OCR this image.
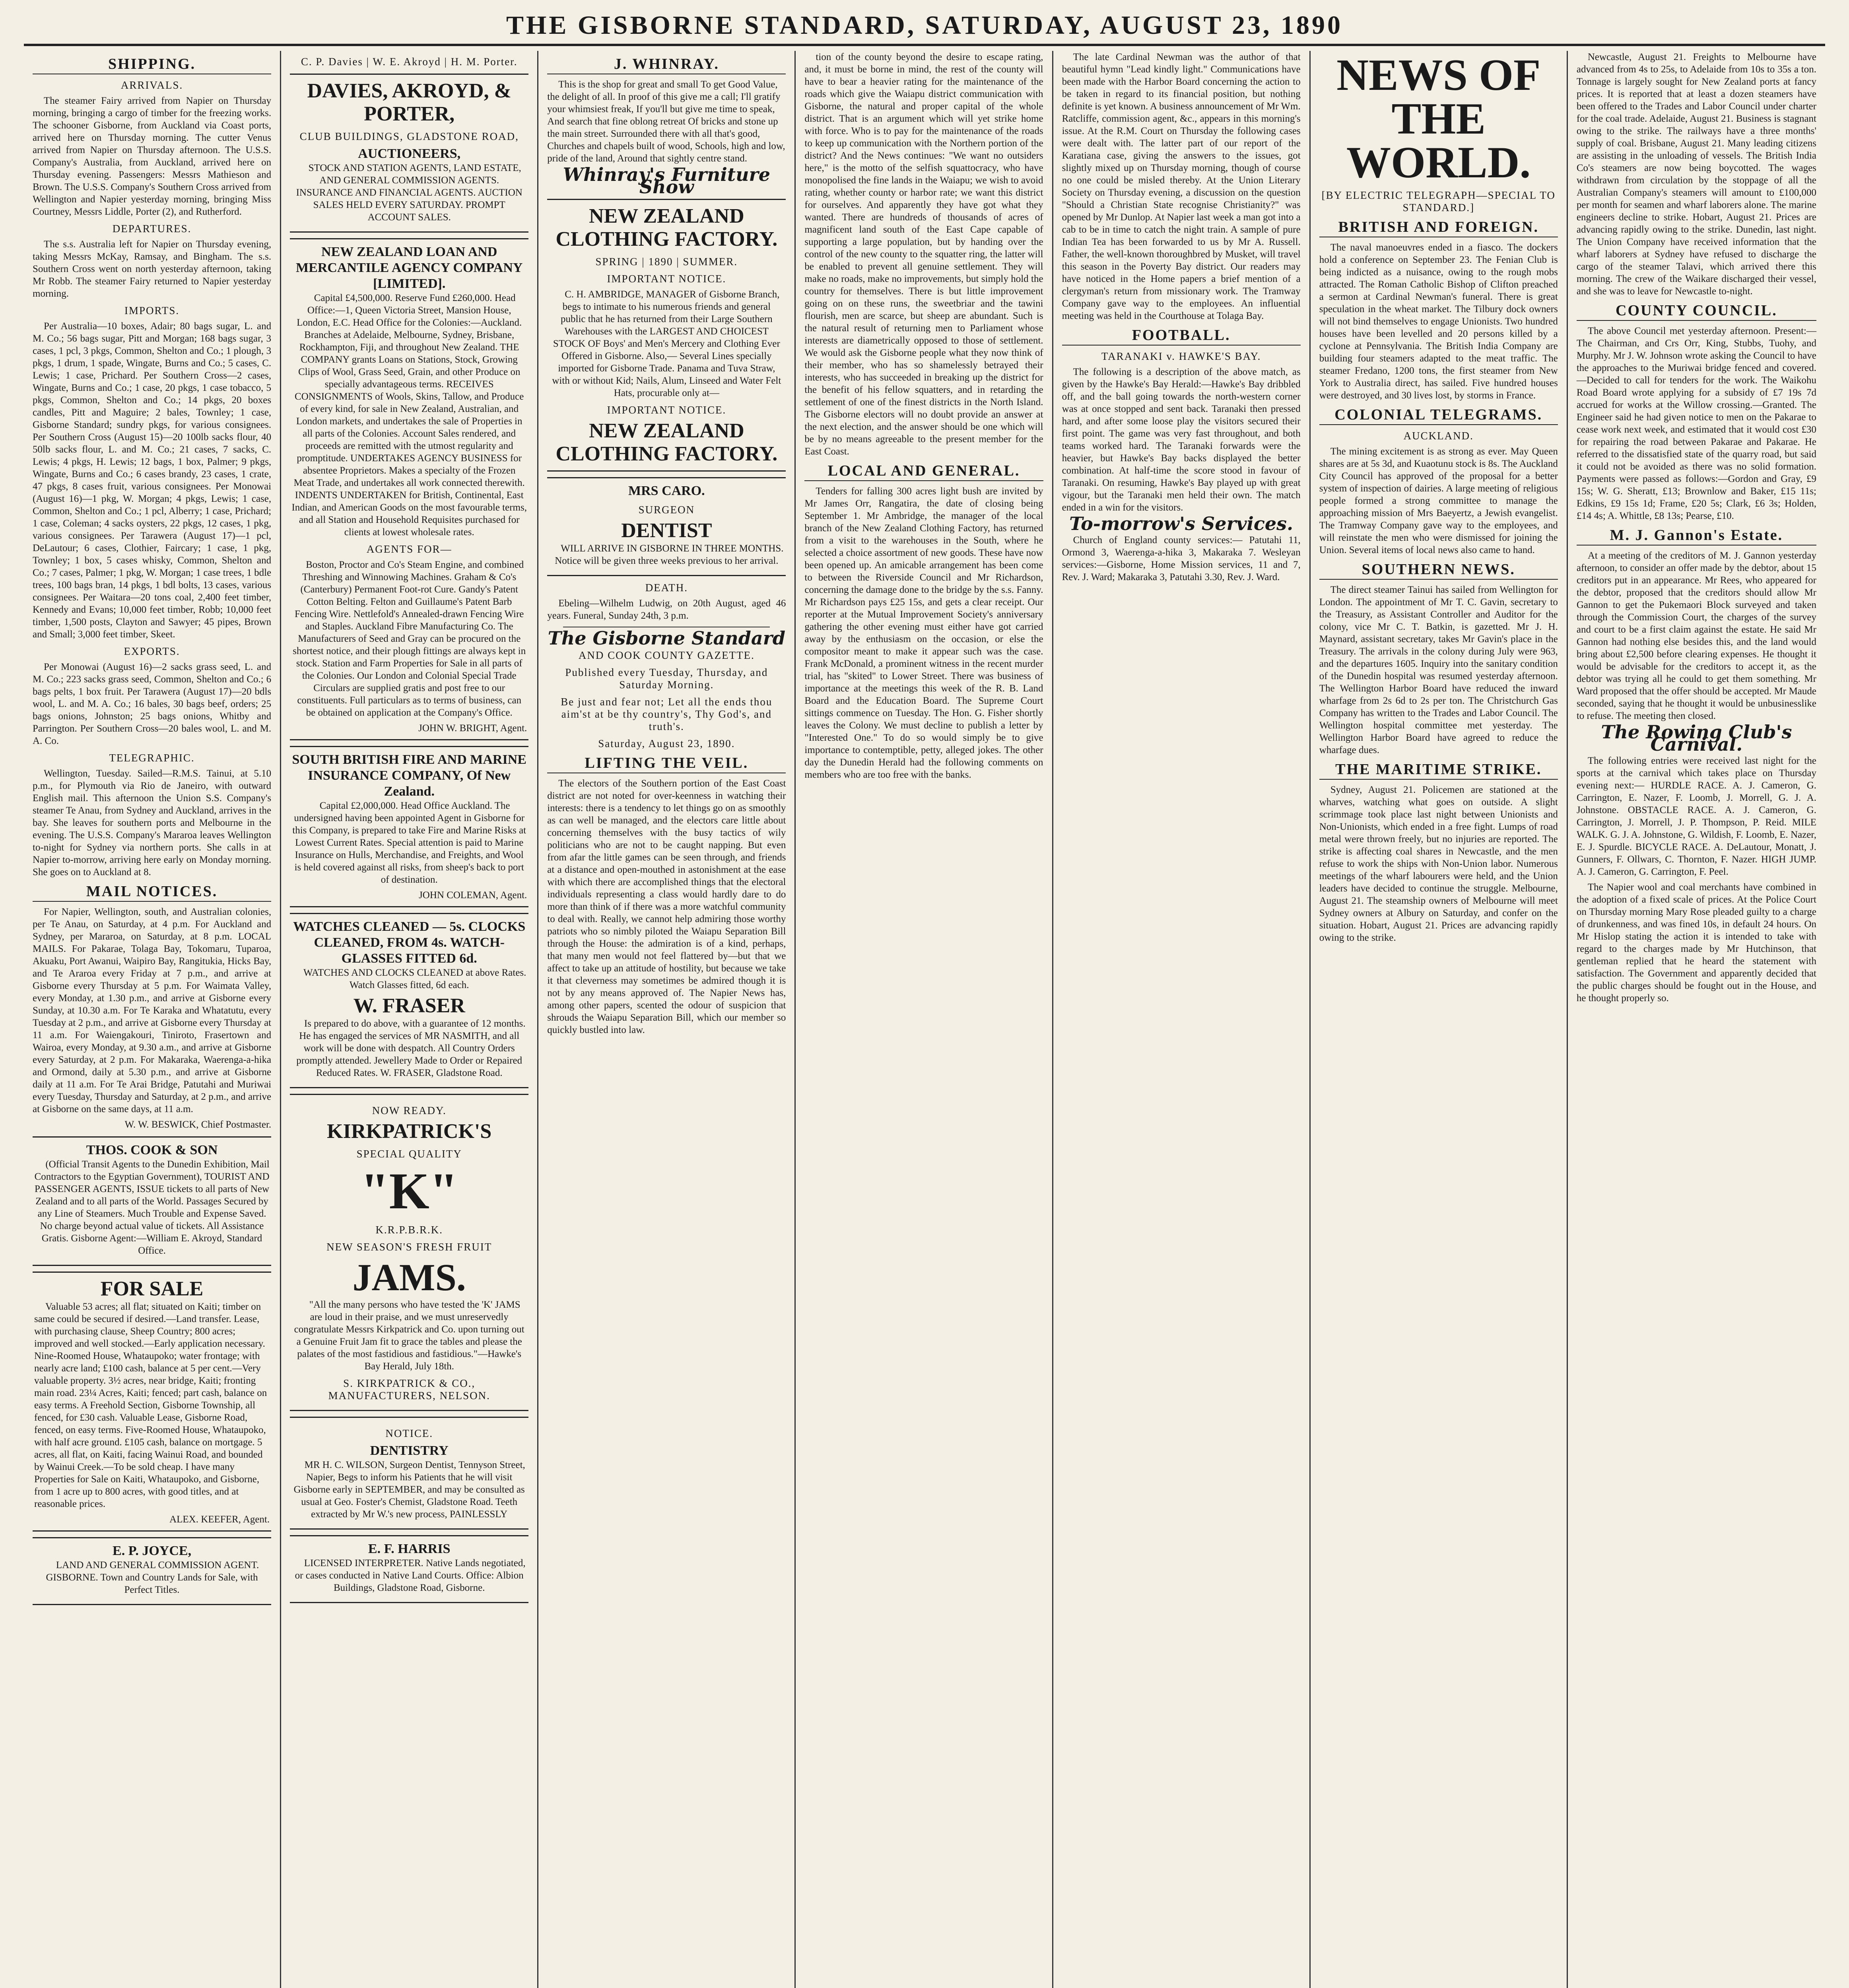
THE GISBORNE STANDARD, SATURDAY, AUGUST 23, 1890
SHIPPING.
ARRIVALS.

The steamer Fairy arrived from Napier on Thursday morning, bringing a cargo of timber for the freezing works. The schooner Gisborne, from Auckland via Coast ports, arrived here on Thursday morning. The cutter Venus arrived from Napier on Thursday afternoon. The U.S.S. Company's Australia, from Auckland, arrived here on Thursday evening. Passengers: Messrs Mathieson and Brown. The U.S.S. Company's Southern Cross arrived from Wellington and Napier yesterday morning, bringing Miss Courtney, Messrs Liddle, Porter (2), and Rutherford.

DEPARTURES.

The s.s. Australia left for Napier on Thursday evening, taking Messrs McKay, Ramsay, and Bingham. The s.s. Southern Cross went on north yesterday afternoon, taking Mr Robb. The steamer Fairy returned to Napier yesterday morning.

IMPORTS.

Per Australia—10 boxes, Adair; 80 bags sugar, L. and M. Co.; 56 bags sugar, Pitt and Morgan; 168 bags sugar, 3 cases, 1 pcl, 3 pkgs, Common, Shelton and Co.; 1 plough, 3 pkgs, 1 drum, 1 spade, Wingate, Burns and Co.; 5 cases, C. Lewis; 1 case, Prichard. Per Southern Cross—2 cases, Wingate, Burns and Co.; 1 case, 20 pkgs, 1 case tobacco, 5 pkgs, Common, Shelton and Co.; 14 pkgs, 20 boxes candles, Pitt and Maguire; 2 bales, Townley; 1 case, Gisborne Standard; sundry pkgs, for various consignees. Per Southern Cross (August 15)—20 100lb sacks flour, 40 50lb sacks flour, L. and M. Co.; 21 cases, 7 sacks, C. Lewis; 4 pkgs, H. Lewis; 12 bags, 1 box, Palmer; 9 pkgs, Wingate, Burns and Co.; 6 cases brandy, 23 cases, 1 crate, 47 pkgs, 8 cases fruit, various consignees. Per Monowai (August 16)—1 pkg, W. Morgan; 4 pkgs, Lewis; 1 case, Common, Shelton and Co.; 1 pcl, Alberry; 1 case, Prichard; 1 case, Coleman; 4 sacks oysters, 22 pkgs, 12 cases, 1 pkg, various consignees. Per Tarawera (August 17)—1 pcl, DeLautour; 6 cases, Clothier, Faircary; 1 case, 1 pkg, Townley; 1 box, 5 cases whisky, Common, Shelton and Co.; 7 cases, Palmer; 1 pkg, W. Morgan; 1 case trees, 1 bdle trees, 100 bags bran, 14 pkgs, 1 bdl bolts, 13 cases, various consignees. Per Waitara—20 tons coal, 2,400 feet timber, Kennedy and Evans; 10,000 feet timber, Robb; 10,000 feet timber, 1,500 posts, Clayton and Sawyer; 45 pipes, Brown and Small; 3,000 feet timber, Skeet.

EXPORTS.

Per Monowai (August 16)—2 sacks grass seed, L. and M. Co.; 223 sacks grass seed, Common, Shelton and Co.; 6 bags pelts, 1 box fruit. Per Tarawera (August 17)—20 bdls wool, L. and M. A. Co.; 16 bales, 30 bags beef, orders; 25 bags onions, Johnston; 25 bags onions, Whitby and Parrington. Per Southern Cross—20 bales wool, L. and M. A. Co.

TELEGRAPHIC.

Wellington, Tuesday. Sailed—R.M.S. Tainui, at 5.10 p.m., for Plymouth via Rio de Janeiro, with outward English mail. This afternoon the Union S.S. Company's steamer Te Anau, from Sydney and Auckland, arrives in the bay. She leaves for southern ports and Melbourne in the evening. The U.S.S. Company's Mararoa leaves Wellington to-night for Sydney via northern ports. She calls in at Napier to-morrow, arriving here early on Monday morning. She goes on to Auckland at 8.

MAIL NOTICES.

For Napier, Wellington, south, and Australian colonies, per Te Anau, on Saturday, at 4 p.m. For Auckland and Sydney, per Mararoa, on Saturday, at 8 p.m. LOCAL MAILS. For Pakarae, Tolaga Bay, Tokomaru, Tuparoa, Akuaku, Port Awanui, Waipiro Bay, Rangitukia, Hicks Bay, and Te Araroa every Friday at 7 p.m., and arrive at Gisborne every Thursday at 5 p.m. For Waimata Valley, every Monday, at 1.30 p.m., and arrive at Gisborne every Sunday, at 10.30 a.m. For Te Karaka and Whatatutu, every Tuesday at 2 p.m., and arrive at Gisborne every Thursday at 11 a.m. For Waiengakouri, Tiniroto, Frasertown and Wairoa, every Monday, at 9.30 a.m., and arrive at Gisborne every Saturday, at 2 p.m. For Makaraka, Waerenga-a-hika and Ormond, daily at 5.30 p.m., and arrive at Gisborne daily at 11 a.m. For Te Arai Bridge, Patutahi and Muriwai every Tuesday, Thursday and Saturday, at 2 p.m., and arrive at Gisborne on the same days, at 11 a.m.

W. W. BESWICK, Chief Postmaster.
THOS. COOK & SON

(Official Transit Agents to the Dunedin Exhibition, Mail Contractors to the Egyptian Government), TOURIST AND PASSENGER AGENTS, ISSUE tickets to all parts of New Zealand and to all parts of the World. Passages Secured by any Line of Steamers. Much Trouble and Expense Saved. No charge beyond actual value of tickets. All Assistance Gratis. Gisborne Agent:—William E. Akroyd, Standard Office.

FOR SALE

Valuable 53 acres; all flat; situated on Kaiti; timber on same could be secured if desired.—Land transfer. Lease, with purchasing clause, Sheep Country; 800 acres; improved and well stocked.—Early application necessary. Nine-Roomed House, Whataupoko; water frontage; with nearly acre land; £100 cash, balance at 5 per cent.—Very valuable property. 3½ acres, near bridge, Kaiti; fronting main road. 23¼ Acres, Kaiti; fenced; part cash, balance on easy terms. A Freehold Section, Gisborne Township, all fenced, for £30 cash. Valuable Lease, Gisborne Road, fenced, on easy terms. Five-Roomed House, Whataupoko, with half acre ground. £105 cash, balance on mortgage. 5 acres, all flat, on Kaiti, facing Wainui Road, and bounded by Wainui Creek.—To be sold cheap. I have many Properties for Sale on Kaiti, Whataupoko, and Gisborne, from 1 acre up to 800 acres, with good titles, and at reasonable prices.

ALEX. KEEFER, Agent.
E. P. JOYCE,

LAND AND GENERAL COMMISSION AGENT. GISBORNE. Town and Country Lands for Sale, with Perfect Titles.

C. P. Davies | W. E. Akroyd | H. M. Porter.
DAVIES, AKROYD, & PORTER,
CLUB BUILDINGS, GLADSTONE ROAD,
AUCTIONEERS,

STOCK AND STATION AGENTS, LAND ESTATE, AND GENERAL COMMISSION AGENTS. INSURANCE AND FINANCIAL AGENTS. AUCTION SALES HELD EVERY SATURDAY. PROMPT ACCOUNT SALES.

NEW ZEALAND LOAN AND MERCANTILE AGENCY COMPANY [LIMITED].

Capital £4,500,000. Reserve Fund £260,000. Head Office:—1, Queen Victoria Street, Mansion House, London, E.C. Head Office for the Colonies:—Auckland. Branches at Adelaide, Melbourne, Sydney, Brisbane, Rockhampton, Fiji, and throughout New Zealand. THE COMPANY grants Loans on Stations, Stock, Growing Clips of Wool, Grass Seed, Grain, and other Produce on specially advantageous terms. RECEIVES CONSIGNMENTS of Wools, Skins, Tallow, and Produce of every kind, for sale in New Zealand, Australian, and London markets, and undertakes the sale of Properties in all parts of the Colonies. Account Sales rendered, and proceeds are remitted with the utmost regularity and promptitude. UNDERTAKES AGENCY BUSINESS for absentee Proprietors. Makes a specialty of the Frozen Meat Trade, and undertakes all work connected therewith. INDENTS UNDERTAKEN for British, Continental, East Indian, and American Goods on the most favourable terms, and all Station and Household Requisites purchased for clients at lowest wholesale rates.

AGENTS FOR—

Boston, Proctor and Co's Steam Engine, and combined Threshing and Winnowing Machines. Graham & Co's (Canterbury) Permanent Foot-rot Cure. Gandy's Patent Cotton Belting. Felton and Guillaume's Patent Barb Fencing Wire. Nettlefold's Annealed-drawn Fencing Wire and Staples. Auckland Fibre Manufacturing Co. The Manufacturers of Seed and Gray can be procured on the shortest notice, and their plough fittings are always kept in stock. Station and Farm Properties for Sale in all parts of the Colonies. Our London and Colonial Special Trade Circulars are supplied gratis and post free to our constituents. Full particulars as to terms of business, can be obtained on application at the Company's Office.

JOHN W. BRIGHT, Agent.
SOUTH BRITISH FIRE AND MARINE INSURANCE COMPANY, Of New Zealand.

Capital £2,000,000. Head Office Auckland. The undersigned having been appointed Agent in Gisborne for this Company, is prepared to take Fire and Marine Risks at Lowest Current Rates. Special attention is paid to Marine Insurance on Hulls, Merchandise, and Freights, and Wool is held covered against all risks, from sheep's back to port of destination.

JOHN COLEMAN, Agent.
WATCHES CLEANED — 5s. CLOCKS CLEANED, FROM 4s. WATCH-GLASSES FITTED 6d.

WATCHES AND CLOCKS CLEANED at above Rates. Watch Glasses fitted, 6d each.

W. FRASER

Is prepared to do above, with a guarantee of 12 months. He has engaged the services of MR NASMITH, and all work will be done with despatch. All Country Orders promptly attended. Jewellery Made to Order or Repaired Reduced Rates. W. FRASER, Gladstone Road.

NOW READY.
KIRKPATRICK'S
SPECIAL QUALITY
"K"
K.R.P.B.R.K.
NEW SEASON'S FRESH FRUIT
JAMS.

"All the many persons who have tested the 'K' JAMS are loud in their praise, and we must unreservedly congratulate Messrs Kirkpatrick and Co. upon turning out a Genuine Fruit Jam fit to grace the tables and please the palates of the most fastidious and fastidious."—Hawke's Bay Herald, July 18th.

S. KIRKPATRICK & CO., MANUFACTURERS, NELSON.
NOTICE.
DENTISTRY

MR H. C. WILSON, Surgeon Dentist, Tennyson Street, Napier, Begs to inform his Patients that he will visit Gisborne early in SEPTEMBER, and may be consulted as usual at Geo. Foster's Chemist, Gladstone Road. Teeth extracted by Mr W.'s new process, PAINLESSLY

E. F. HARRIS

LICENSED INTERPRETER. Native Lands negotiated, or cases conducted in Native Land Courts. Office: Albion Buildings, Gladstone Road, Gisborne.

J. WHINRAY.

This is the shop for great and small To get Good Value, the delight of all. In proof of this give me a call; I'll gratify your whimsiest freak, If you'll but give me time to speak, And search that fine oblong retreat Of bricks and stone up the main street. Surrounded there with all that's good, Churches and chapels built of wood, Schools, high and low, pride of the land, Around that sightly centre stand.

Whinray's Furniture Show
NEW ZEALAND CLOTHING FACTORY.
SPRING | 1890 | SUMMER.
IMPORTANT NOTICE.

C. H. AMBRIDGE, MANAGER of Gisborne Branch, begs to intimate to his numerous friends and general public that he has returned from their Large Southern Warehouses with the LARGEST AND CHOICEST STOCK OF Boys' and Men's Mercery and Clothing Ever Offered in Gisborne. Also,— Several Lines specially imported for Gisborne Trade. Panama and Tuva Straw, with or without Kid; Nails, Alum, Linseed and Water Felt Hats, procurable only at—

IMPORTANT NOTICE.
NEW ZEALAND CLOTHING FACTORY.
MRS CARO.
SURGEON
DENTIST

WILL ARRIVE IN GISBORNE IN THREE MONTHS. Notice will be given three weeks previous to her arrival.

DEATH.

Ebeling—Wilhelm Ludwig, on 20th August, aged 46 years. Funeral, Sunday 24th, 3 p.m.

The Gisborne Standard
AND COOK COUNTY GAZETTE.
Published every Tuesday, Thursday, and Saturday Morning.
Be just and fear not; Let all the ends thou aim'st at be thy country's, Thy God's, and truth's.
Saturday, August 23, 1890.
LIFTING THE VEIL.

The electors of the Southern portion of the East Coast district are not noted for over-keenness in watching their interests: there is a tendency to let things go on as smoothly as can well be managed, and the electors care little about concerning themselves with the busy tactics of wily politicians who are not to be caught napping. But even from afar the little games can be seen through, and friends at a distance and open-mouthed in astonishment at the ease with which there are accomplished things that the electoral individuals representing a class would hardly dare to do more than think of if there was a more watchful community to deal with. Really, we cannot help admiring those worthy patriots who so nimbly piloted the Waiapu Separation Bill through the House: the admiration is of a kind, perhaps, that many men would not feel flattered by—but that we affect to take up an attitude of hostility, but because we take it that cleverness may sometimes be admired though it is not by any means approved of. The Napier News has, among other papers, scented the odour of suspicion that shrouds the Waiapu Separation Bill, which our member so quickly bustled into law.

tion of the county beyond the desire to escape rating, and, it must be borne in mind, the rest of the county will have to bear a heavier rating for the maintenance of the roads which give the Waiapu district communication with Gisborne, the natural and proper capital of the whole district. That is an argument which will yet strike home with force. Who is to pay for the maintenance of the roads to keep up communication with the Northern portion of the district? And the News continues: "We want no outsiders here," is the motto of the selfish squattocracy, who have monopolised the fine lands in the Waiapu; we wish to avoid rating, whether county or harbor rate; we want this district for ourselves. And apparently they have got what they wanted. There are hundreds of thousands of acres of magnificent land south of the East Cape capable of supporting a large population, but by handing over the control of the new county to the squatter ring, the latter will be enabled to prevent all genuine settlement. They will make no roads, make no improvements, but simply hold the country for themselves. There is but little improvement going on on these runs, the sweetbriar and the tawini flourish, men are scarce, but sheep are abundant. Such is the natural result of returning men to Parliament whose interests are diametrically opposed to those of settlement. We would ask the Gisborne people what they now think of their member, who has so shamelessly betrayed their interests, who has succeeded in breaking up the district for the benefit of his fellow squatters, and in retarding the settlement of one of the finest districts in the North Island. The Gisborne electors will no doubt provide an answer at the next election, and the answer should be one which will be by no means agreeable to the present member for the East Coast.

LOCAL AND GENERAL.

Tenders for falling 300 acres light bush are invited by Mr James Orr, Rangatira, the date of closing being September 1. Mr Ambridge, the manager of the local branch of the New Zealand Clothing Factory, has returned from a visit to the warehouses in the South, where he selected a choice assortment of new goods. These have now been opened up. An amicable arrangement has been come to between the Riverside Council and Mr Richardson, concerning the damage done to the bridge by the s.s. Fanny. Mr Richardson pays £25 15s, and gets a clear receipt. Our reporter at the Mutual Improvement Society's anniversary gathering the other evening must either have got carried away by the enthusiasm on the occasion, or else the compositor meant to make it appear such was the case. Frank McDonald, a prominent witness in the recent murder trial, has "skited" to Lower Street. There was business of importance at the meetings this week of the R. B. Land Board and the Education Board. The Supreme Court sittings commence on Tuesday. The Hon. G. Fisher shortly leaves the Colony. We must decline to publish a letter by "Interested One." To do so would simply be to give importance to contemptible, petty, alleged jokes. The other day the Dunedin Herald had the following comments on members who are too free with the banks.

The late Cardinal Newman was the author of that beautiful hymn "Lead kindly light." Communications have been made with the Harbor Board concerning the action to be taken in regard to its financial position, but nothing definite is yet known. A business announcement of Mr Wm. Ratcliffe, commission agent, &c., appears in this morning's issue. At the R.M. Court on Thursday the following cases were dealt with. The latter part of our report of the Karatiana case, giving the answers to the issues, got slightly mixed up on Thursday morning, though of course no one could be misled thereby. At the Union Literary Society on Thursday evening, a discussion on the question "Should a Christian State recognise Christianity?" was opened by Mr Dunlop. At Napier last week a man got into a cab to be in time to catch the night train. A sample of pure Indian Tea has been forwarded to us by Mr A. Russell. Father, the well-known thoroughbred by Musket, will travel this season in the Poverty Bay district. Our readers may have noticed in the Home papers a brief mention of a clergyman's return from missionary work. The Tramway Company gave way to the employees. An influential meeting was held in the Courthouse at Tolaga Bay.

FOOTBALL.
TARANAKI v. HAWKE'S BAY.

The following is a description of the above match, as given by the Hawke's Bay Herald:—Hawke's Bay dribbled off, and the ball going towards the north-western corner was at once stopped and sent back. Taranaki then pressed hard, and after some loose play the visitors secured their first point. The game was very fast throughout, and both teams worked hard. The Taranaki forwards were the heavier, but Hawke's Bay backs displayed the better combination. At half-time the score stood in favour of Taranaki. On resuming, Hawke's Bay played up with great vigour, but the Taranaki men held their own. The match ended in a win for the visitors.

To-morrow's Services.

Church of England county services:— Patutahi 11, Ormond 3, Waerenga-a-hika 3, Makaraka 7. Wesleyan services:—Gisborne, Home Mission services, 11 and 7, Rev. J. Ward; Makaraka 3, Patutahi 3.30, Rev. J. Ward.

NEWS OF THE WORLD.
[BY ELECTRIC TELEGRAPH—SPECIAL TO STANDARD.]
BRITISH AND FOREIGN.

The naval manoeuvres ended in a fiasco. The dockers hold a conference on September 23. The Fenian Club is being indicted as a nuisance, owing to the rough mobs attracted. The Roman Catholic Bishop of Clifton preached a sermon at Cardinal Newman's funeral. There is great speculation in the wheat market. The Tilbury dock owners will not bind themselves to engage Unionists. Two hundred houses have been levelled and 20 persons killed by a cyclone at Pennsylvania. The British India Company are building four steamers adapted to the meat traffic. The steamer Fredano, 1200 tons, the first steamer from New York to Australia direct, has sailed. Five hundred houses were destroyed, and 30 lives lost, by storms in France.

COLONIAL TELEGRAMS.
AUCKLAND.

The mining excitement is as strong as ever. May Queen shares are at 5s 3d, and Kuaotunu stock is 8s. The Auckland City Council has approved of the proposal for a better system of inspection of dairies. A large meeting of religious people formed a strong committee to manage the approaching mission of Mrs Baeyertz, a Jewish evangelist. The Tramway Company gave way to the employees, and will reinstate the men who were dismissed for joining the Union. Several items of local news also came to hand.

SOUTHERN NEWS.

The direct steamer Tainui has sailed from Wellington for London. The appointment of Mr T. C. Gavin, secretary to the Treasury, as Assistant Controller and Auditor for the colony, vice Mr C. T. Batkin, is gazetted. Mr J. H. Maynard, assistant secretary, takes Mr Gavin's place in the Treasury. The arrivals in the colony during July were 963, and the departures 1605. Inquiry into the sanitary condition of the Dunedin hospital was resumed yesterday afternoon. The Wellington Harbor Board have reduced the inward wharfage from 2s 6d to 2s per ton. The Christchurch Gas Company has written to the Trades and Labor Council. The Wellington hospital committee met yesterday. The Wellington Harbor Board have agreed to reduce the wharfage dues.

THE MARITIME STRIKE.

Sydney, August 21. Policemen are stationed at the wharves, watching what goes on outside. A slight scrimmage took place last night between Unionists and Non-Unionists, which ended in a free fight. Lumps of road metal were thrown freely, but no injuries are reported. The strike is affecting coal shares in Newcastle, and the men refuse to work the ships with Non-Union labor. Numerous meetings of the wharf labourers were held, and the Union leaders have decided to continue the struggle. Melbourne, August 21. The steamship owners of Melbourne will meet Sydney owners at Albury on Saturday, and confer on the situation. Hobart, August 21. Prices are advancing rapidly owing to the strike.

Newcastle, August 21. Freights to Melbourne have advanced from 4s to 25s, to Adelaide from 10s to 35s a ton. Tonnage is largely sought for New Zealand ports at fancy prices. It is reported that at least a dozen steamers have been offered to the Trades and Labor Council under charter for the coal trade. Adelaide, August 21. Business is stagnant owing to the strike. The railways have a three months' supply of coal. Brisbane, August 21. Many leading citizens are assisting in the unloading of vessels. The British India Co's steamers are now being boycotted. The wages withdrawn from circulation by the stoppage of all the Australian Company's steamers will amount to £100,000 per month for seamen and wharf laborers alone. The marine engineers decline to strike. Hobart, August 21. Prices are advancing rapidly owing to the strike. Dunedin, last night. The Union Company have received information that the wharf laborers at Sydney have refused to discharge the cargo of the steamer Talavi, which arrived there this morning. The crew of the Waikare discharged their vessel, and she was to leave for Newcastle to-night.

COUNTY COUNCIL.

The above Council met yesterday afternoon. Present:—The Chairman, and Crs Orr, King, Stubbs, Tuohy, and Murphy. Mr J. W. Johnson wrote asking the Council to have the approaches to the Muriwai bridge fenced and covered.—Decided to call for tenders for the work. The Waikohu Road Board wrote applying for a subsidy of £7 19s 7d accrued for works at the Willow crossing.—Granted. The Engineer said he had given notice to men on the Pakarae to cease work next week, and estimated that it would cost £30 for repairing the road between Pakarae and Pakarae. He referred to the dissatisfied state of the quarry road, but said it could not be avoided as there was no solid formation. Payments were passed as follows:—Gordon and Gray, £9 15s; W. G. Sheratt, £13; Brownlow and Baker, £15 11s; Edkins, £9 15s 1d; Frame, £20 5s; Clark, £6 3s; Holden, £14 4s; A. Whittle, £8 13s; Pearse, £10.

M. J. Gannon's Estate.

At a meeting of the creditors of M. J. Gannon yesterday afternoon, to consider an offer made by the debtor, about 15 creditors put in an appearance. Mr Rees, who appeared for the debtor, proposed that the creditors should allow Mr Gannon to get the Pukemaori Block surveyed and taken through the Commission Court, the charges of the survey and court to be a first claim against the estate. He said Mr Gannon had nothing else besides this, and the land would bring about £2,500 before clearing expenses. He thought it would be advisable for the creditors to accept it, as the debtor was trying all he could to get them something. Mr Ward proposed that the offer should be accepted. Mr Maude seconded, saying that he thought it would be unbusinesslike to refuse. The meeting then closed.

The Rowing Club's Carnival.

The following entries were received last night for the sports at the carnival which takes place on Thursday evening next:— HURDLE RACE. A. J. Cameron, G. Carrington, E. Nazer, F. Loomb, J. Morrell, G. J. A. Johnstone. OBSTACLE RACE. A. J. Cameron, G. Carrington, J. Morrell, J. P. Thompson, P. Reid. MILE WALK. G. J. A. Johnstone, G. Wildish, F. Loomb, E. Nazer, E. J. Spurdle. BICYCLE RACE. A. DeLautour, Monatt, J. Gunners, F. Ollwars, C. Thornton, F. Nazer. HIGH JUMP. A. J. Cameron, G. Carrington, F. Peel.

The Napier wool and coal merchants have combined in the adoption of a fixed scale of prices. At the Police Court on Thursday morning Mary Rose pleaded guilty to a charge of drunkenness, and was fined 10s, in default 24 hours. On Mr Hislop stating the action it is intended to take with regard to the charges made by Mr Hutchinson, that gentleman replied that he heard the statement with satisfaction. The Government and apparently decided that the public charges should be fought out in the House, and he thought properly so.
